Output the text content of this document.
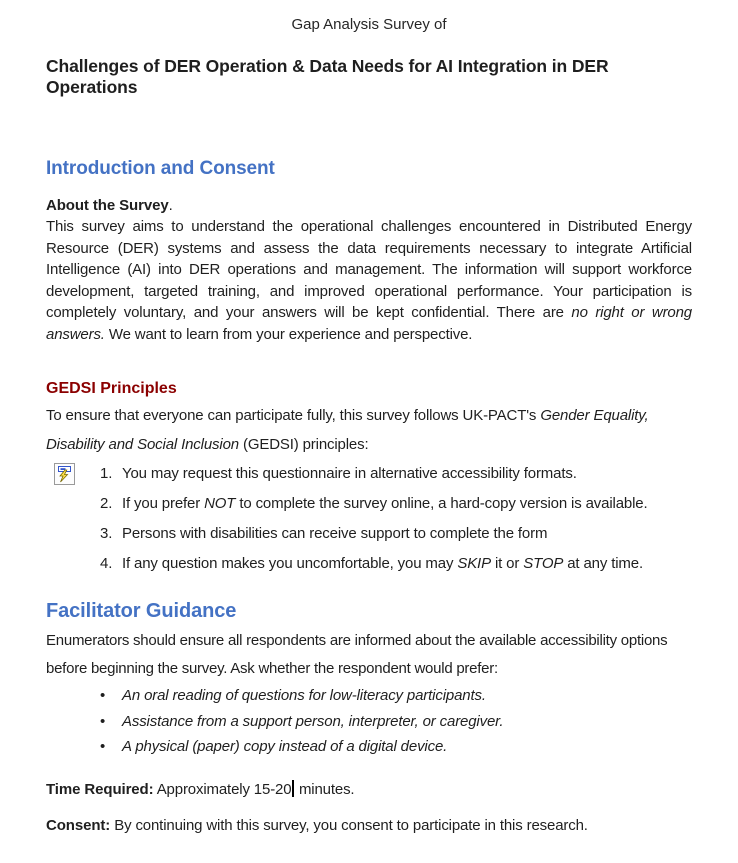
Gap Analysis Survey of
Challenges of DER Operation & Data Needs for AI Integration in DER Operations
Introduction and Consent

About the Survey.

This survey aims to understand the operational challenges encountered in Distributed Energy Resource (DER) systems and assess the data requirements necessary to integrate Artificial Intelligence (AI) into DER operations and management. The information will support workforce development, targeted training, and improved operational performance. Your participation is completely voluntary, and your answers will be kept confidential. There are no right or wrong answers. We want to learn from your experience and perspective.

GEDSI Principles

To ensure that everyone can participate fully, this survey follows UK-PACT's Gender Equality, Disability and Social Inclusion (GEDSI) principles:

1. You may request this questionnaire in alternative accessibility formats.
2. If you prefer NOT to complete the survey online, a hard-copy version is available.
3. Persons with disabilities can receive support to complete the form
4. If any question makes you uncomfortable, you may SKIP it or STOP at any time.
Facilitator Guidance

Enumerators should ensure all respondents are informed about the available accessibility options before beginning the survey. Ask whether the respondent would prefer:

•	An oral reading of questions for low-literacy participants.
•	Assistance from a support person, interpreter, or caregiver.
•	A physical (paper) copy instead of a digital device.

Time Required: Approximately 15-20 minutes.

Consent: By continuing with this survey, you consent to participate in this research.
